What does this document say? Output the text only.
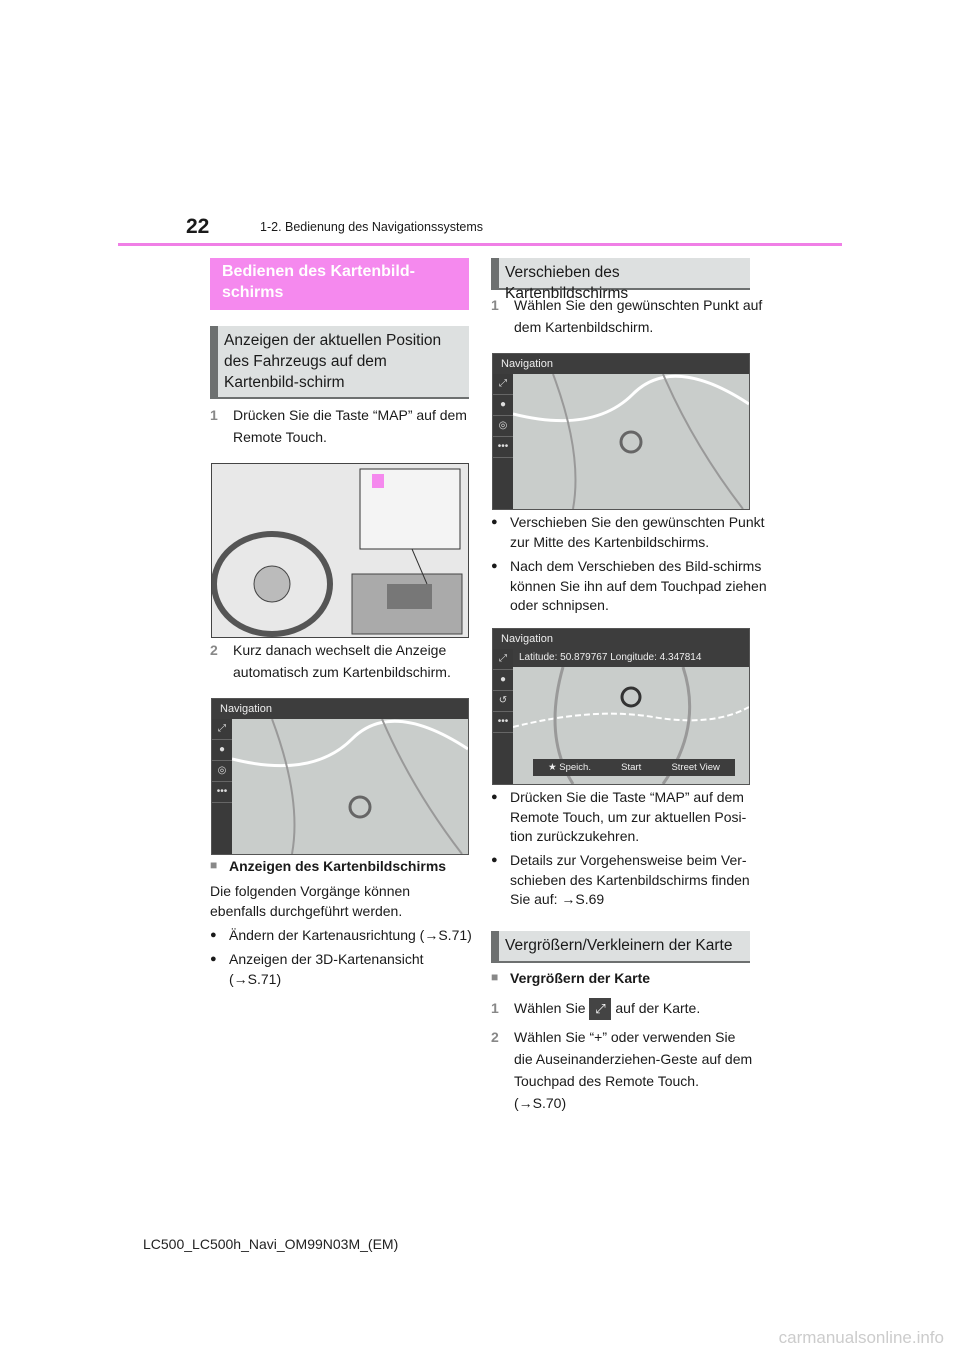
22	1-2. Bedienung des Navigationssystems
Bedienen des Kartenbild-schirms
Anzeigen der aktuellen Position des Fahrzeugs auf dem Kartenbild-schirm
1 Drücken Sie die Taste “MAP” auf dem Remote Touch.
2 Kurz danach wechselt die Anzeige automatisch zum Kartenbildschirm.
Navigation
⤢
●
◎
•••
■ Anzeigen des Kartenbildschirms
Die folgenden Vorgänge können ebenfalls durchgeführt werden.
● Ändern der Kartenausrichtung (→S.71)
● Anzeigen der 3D-Kartenansicht (→S.71)
Verschieben des Kartenbildschirms
1 Wählen Sie den gewünschten Punkt auf dem Kartenbildschirm.
Navigation
⤢
●
◎
•••
● Verschieben Sie den gewünschten Punkt zur Mitte des Kartenbildschirms.
● Nach dem Verschieben des Bild-schirms können Sie ihn auf dem Touchpad ziehen oder schnipsen.
Navigation
⤢
●
↺
•••
Latitude: 50.879767 Longitude: 4.347814
★ Speich.	Start	Street View
● Drücken Sie die Taste “MAP” auf dem Remote Touch, um zur aktuellen Posi-tion zurückzukehren.
● Details zur Vorgehensweise beim Ver-schieben des Kartenbildschirms finden Sie auf: →S.69
Vergrößern/Verkleinern der Karte
■ Vergrößern der Karte
1 Wählen Sie ⤢ auf der Karte.
2 Wählen Sie “+” oder verwenden Sie die Auseinanderziehen-Geste auf dem Touchpad des Remote Touch. (→S.70)
LC500_LC500h_Navi_OM99N03M_(EM)
carmanualsonline.info
